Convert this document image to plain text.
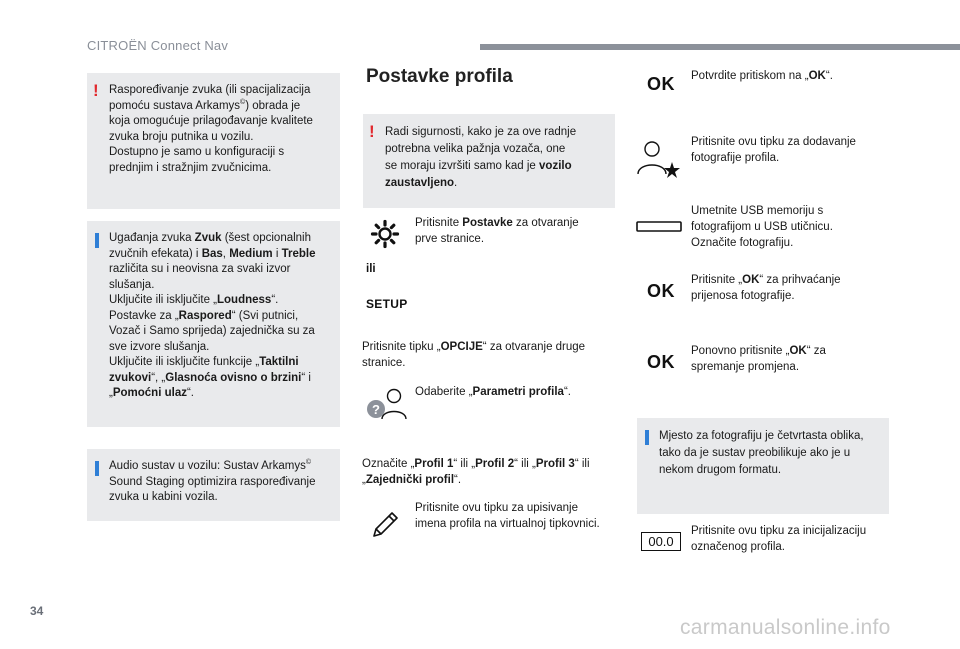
CITROËN Connect Nav
! Raspoređivanje zvuka (ili spacijalizacija
pomoću sustava Arkamys©) obrada je
koja omogućuje prilagođavanje kvalitete
zvuka broju putnika u vozilu.
Dostupno je samo u konfiguraciji s
prednjim i stražnjim zvučnicima.

Ugađanja zvuka Zvuk (šest opcionalnih
zvučnih efekata) i Bas, Medium i Treble
različita su i neovisna za svaki izvor
slušanja.
Uključite ili isključite „Loudness“.
Postavke za „Raspored“ (Svi putnici,
Vozač i Samo sprijeda) zajednička su za
sve izvore slušanja.
Uključite ili isključite funkcije „Taktilni
zvukovi“, „Glasnoća ovisno o brzini“ i
„Pomoćni ulaz“.

Audio sustav u vozilu: Sustav Arkamys©
Sound Staging optimizira raspoređivanje
zvuka u kabini vozila.

Postavke profila
! Radi sigurnosti, kako je za ove radnje
potrebna velika pažnja vozača, one
se moraju izvršiti samo kad je vozilo
zaustavljeno.

Pritisnite Postavke za otvaranje
prve stranice.
ili
SETUP
Pritisnite tipku „OPCIJE“ za otvaranje druge
stranice.
?
Odaberite „Parametri profila“.
Označite „Profil 1“ ili „Profil 2“ ili „Profil 3“ ili
„Zajednički profil“.
Pritisnite ovu tipku za upisivanje
imena profila na virtualnoj tipkovnici.
OK	Potvrdite pritiskom na „OK“.
Pritisnite ovu tipku za dodavanje
fotografije profila.
Umetnite USB memoriju s
fotografijom u USB utičnicu.
Označite fotografiju.
OK
Pritisnite „OK“ za prihvaćanje
prijenosa fotografije.
OK
Ponovno pritisnite „OK“ za
spremanje promjena.

Mjesto za fotografiju je četvrtasta oblika,
tako da je sustav preobilikuje ako je u
nekom drugom formatu.

00.0
Pritisnite ovu tipku za inicijalizaciju
označenog profila.
34
carmanualsonline.info
